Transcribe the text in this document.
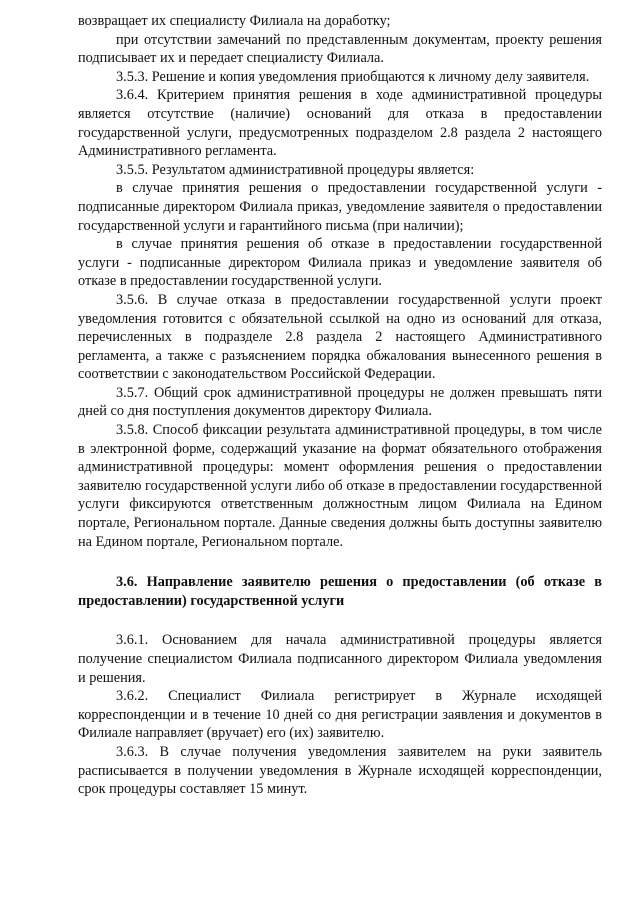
возвращает их специалисту Филиала на доработку;

при отсутствии замечаний по представленным документам, проекту решения подписывает их и передает специалисту Филиала.

3.5.3. Решение и копия уведомления приобщаются к личному делу заявителя.

3.6.4. Критерием принятия решения в ходе административной процедуры является отсутствие (наличие) оснований для отказа в предоставлении государственной услуги, предусмотренных подразделом 2.8 раздела 2 настоящего Административного регламента.

3.5.5. Результатом административной процедуры является:

в случае принятия решения о предоставлении государственной услуги - подписанные директором Филиала приказ, уведомление заявителя о предоставлении государственной услуги и гарантийного письма (при наличии);

в случае принятия решения об отказе в предоставлении государственной услуги - подписанные директором Филиала приказ и уведомление заявителя об отказе в предоставлении государственной услуги.

3.5.6. В случае отказа в предоставлении государственной услуги проект уведомления готовится с обязательной ссылкой на одно из оснований для отказа, перечисленных в подразделе 2.8 раздела 2 настоящего Административного регламента, а также с разъяснением порядка обжалования вынесенного решения в соответствии с законодательством Российской Федерации.

3.5.7. Общий срок административной процедуры не должен превышать пяти дней со дня поступления документов директору Филиала.

3.5.8. Способ фиксации результата административной процедуры, в том числе в электронной форме, содержащий указание на формат обязательного отображения административной процедуры: момент оформления решения о предоставлении заявителю государственной услуги либо об отказе в предоставлении государственной услуги фиксируются ответственным должностным лицом Филиала на Едином портале, Региональном портале. Данные сведения должны быть доступны заявителю на Едином портале, Региональном портале.

3.6. Направление заявителю решения о предоставлении (об отказе в предоставлении) государственной услуги

3.6.1. Основанием для начала административной процедуры является получение специалистом Филиала подписанного директором Филиала уведомления и решения.

3.6.2. Специалист Филиала регистрирует в Журнале исходящей корреспонденции и в течение 10 дней со дня регистрации заявления и документов в Филиале направляет (вручает) его (их) заявителю.

3.6.3. В случае получения уведомления заявителем на руки заявитель расписывается в получении уведомления в Журнале исходящей корреспонденции, срок процедуры составляет 15 минут.
